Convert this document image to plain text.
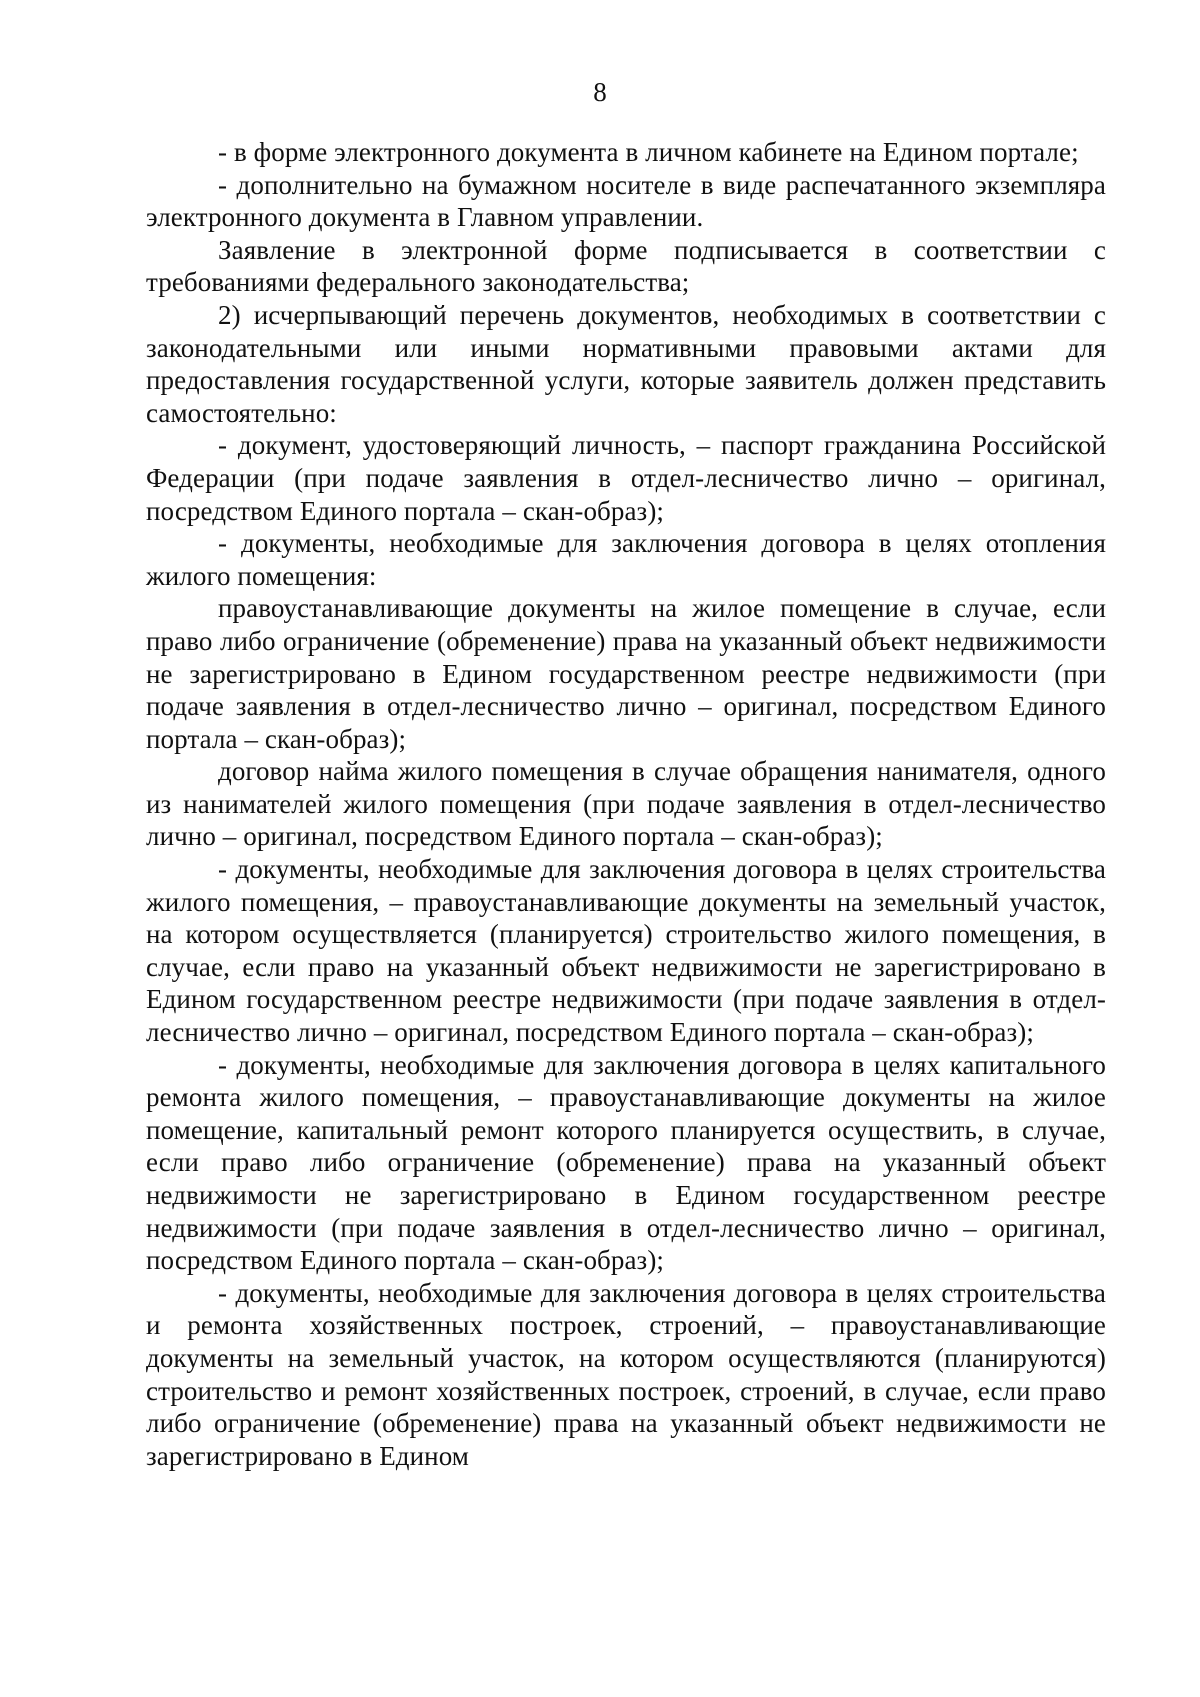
8

- в форме электронного документа в личном кабинете на Едином портале;

- дополнительно на бумажном носителе в виде распечатанного экземпляра электронного документа в Главном управлении.

Заявление в электронной форме подписывается в соответствии с требованиями федерального законодательства;

2) исчерпывающий перечень документов, необходимых в соответствии с законодательными или иными нормативными правовыми актами для предоставления государственной услуги, которые заявитель должен представить самостоятельно:

- документ, удостоверяющий личность, – паспорт гражданина Российской Федерации (при подаче заявления в отдел-лесничество лично – оригинал, посредством Единого портала – скан-образ);

- документы, необходимые для заключения договора в целях отопления жилого помещения:

правоустанавливающие документы на жилое помещение в случае, если право либо ограничение (обременение) права на указанный объект недвижимости не зарегистрировано в Едином государственном реестре недвижимости (при подаче заявления в отдел-лесничество лично – оригинал, посредством Единого портала – скан-образ);

договор найма жилого помещения в случае обращения нанимателя, одного из нанимателей жилого помещения (при подаче заявления в отдел-лесничество лично – оригинал, посредством Единого портала – скан-образ);

- документы, необходимые для заключения договора в целях строительства жилого помещения, – правоустанавливающие документы на земельный участок, на котором осуществляется (планируется) строительство жилого помещения, в случае, если право на указанный объект недвижимости не зарегистрировано в Едином государственном реестре недвижимости (при подаче заявления в отдел-лесничество лично – оригинал, посредством Единого портала – скан-образ);

- документы, необходимые для заключения договора в целях капитального ремонта жилого помещения, – правоустанавливающие документы на жилое помещение, капитальный ремонт которого планируется осуществить, в случае, если право либо ограничение (обременение) права на указанный объект недвижимости не зарегистрировано в Едином государственном реестре недвижимости (при подаче заявления в отдел-лесничество лично – оригинал, посредством Единого портала – скан-образ);

- документы, необходимые для заключения договора в целях строительства и ремонта хозяйственных построек, строений, – правоустанавливающие документы на земельный участок, на котором осуществляются (планируются) строительство и ремонт хозяйственных построек, строений, в случае, если право либо ограничение (обременение) права на указанный объект недвижимости не зарегистрировано в Едином
